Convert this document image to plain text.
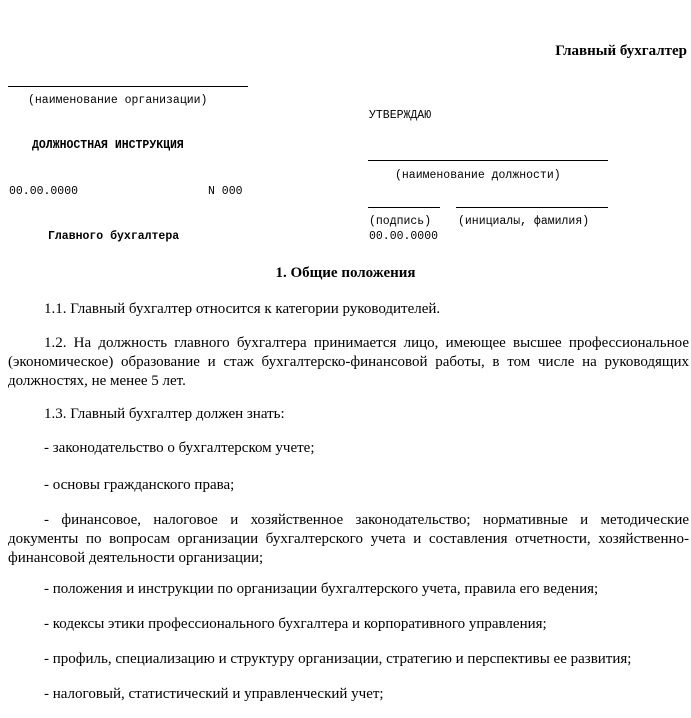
Главный бухгалтер
(наименование организации)
ДОЛЖНОСТНАЯ ИНСТРУКЦИЯ
00.00.0000	N 000
Главного бухгалтера
УТВЕРЖДАЮ
(наименование должности)
(подпись) (инициалы, фамилия)
00.00.0000
1. Общие положения
1.1. Главный бухгалтер относится к категории руководителей.
1.2. На должность главного бухгалтера принимается лицо, имеющее высшее профессиональное (экономическое) образование и стаж бухгалтерско-финансовой работы, в том числе на руководящих должностях, не менее 5 лет.
1.3. Главный бухгалтер должен знать:
- законодательство о бухгалтерском учете;
- основы гражданского права;
- финансовое, налоговое и хозяйственное законодательство; нормативные и методические документы по вопросам организации бухгалтерского учета и составления отчетности, хозяйственно-финансовой деятельности организации;
- положения и инструкции по организации бухгалтерского учета, правила его ведения;
- кодексы этики профессионального бухгалтера и корпоративного управления;
- профиль, специализацию и структуру организации, стратегию и перспективы ее развития;
- налоговый, статистический и управленческий учет;
